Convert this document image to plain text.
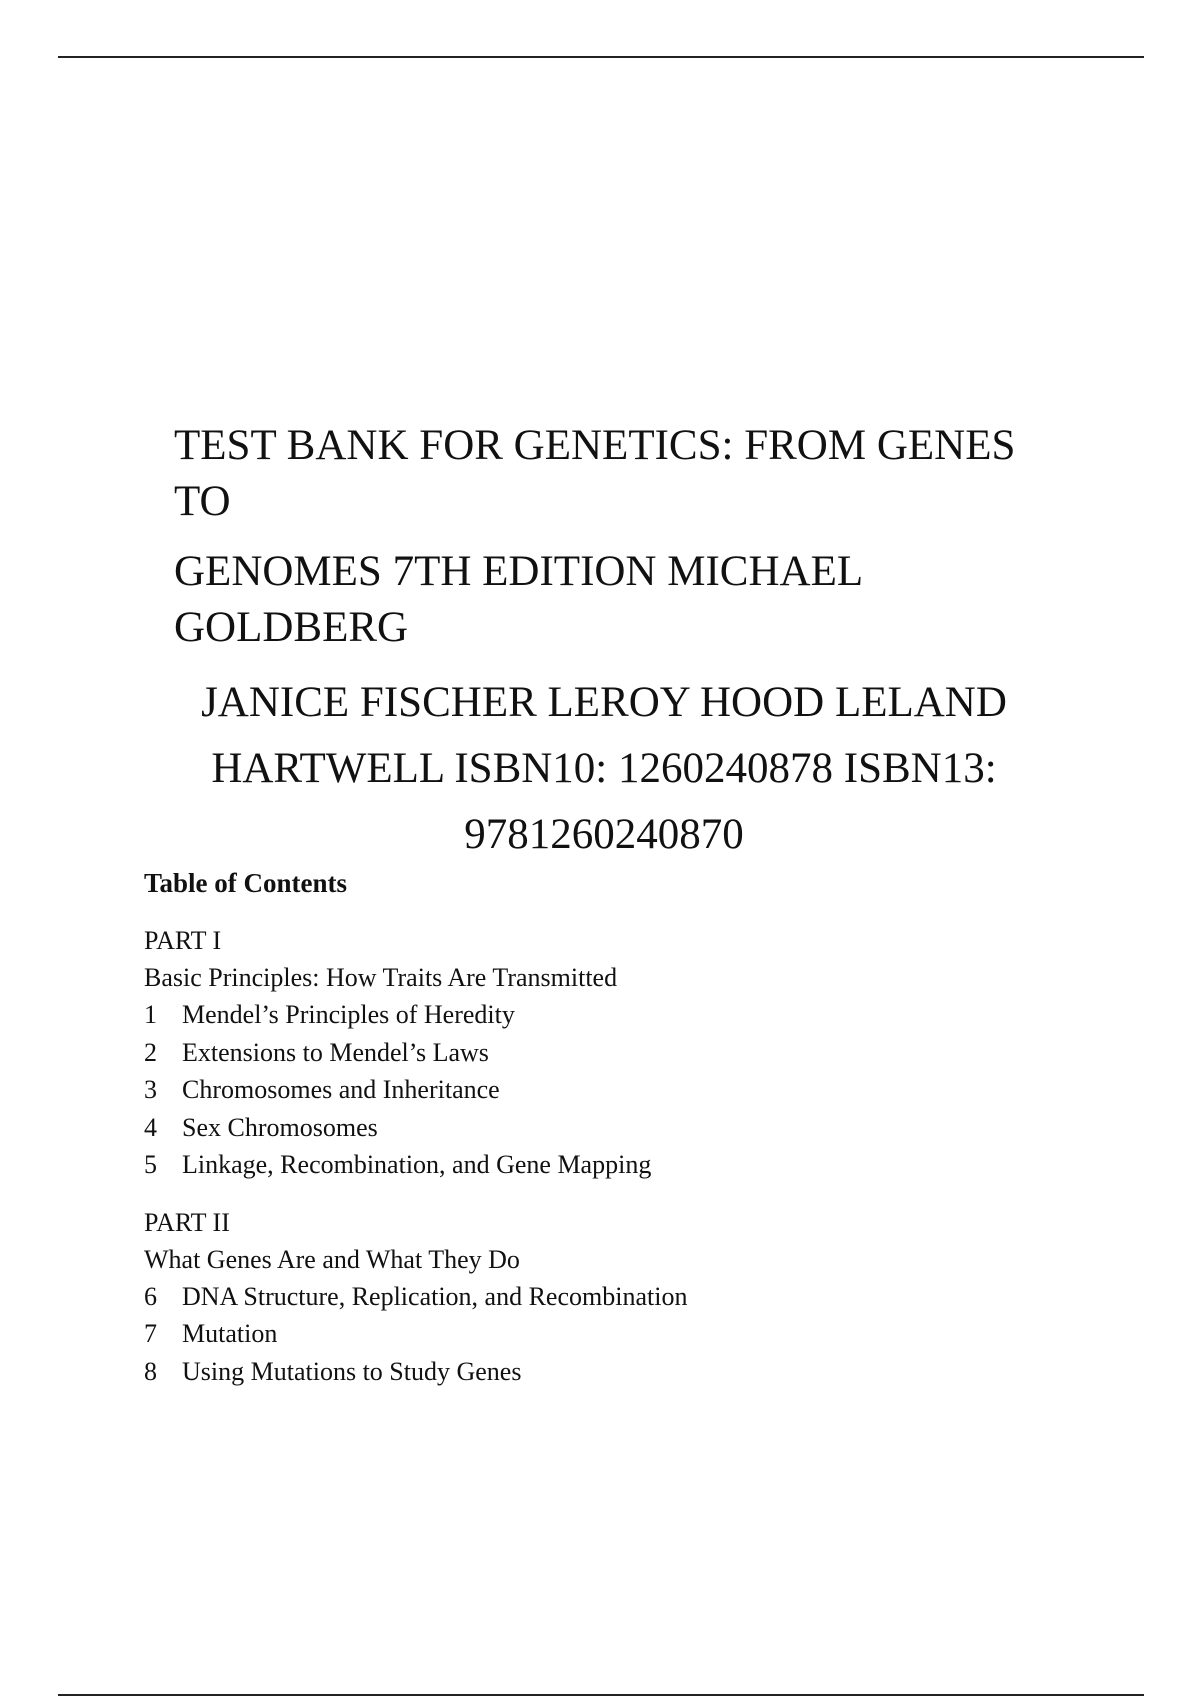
TEST BANK FOR GENETICS: FROM GENES
TO
GENOMES 7TH EDITION MICHAEL
GOLDBERG
JANICE FISCHER LEROY HOOD LELAND
HARTWELL ISBN10: 1260240878 ISBN13:
9781260240870
Table of Contents
PART I
Basic Principles: How Traits Are Transmitted
1 Mendel’s Principles of Heredity
2 Extensions to Mendel’s Laws
3 Chromosomes and Inheritance
4 Sex Chromosomes
5 Linkage, Recombination, and Gene Mapping
PART II
What Genes Are and What They Do
6 DNA Structure, Replication, and Recombination
7 Mutation
8 Using Mutations to Study Genes
